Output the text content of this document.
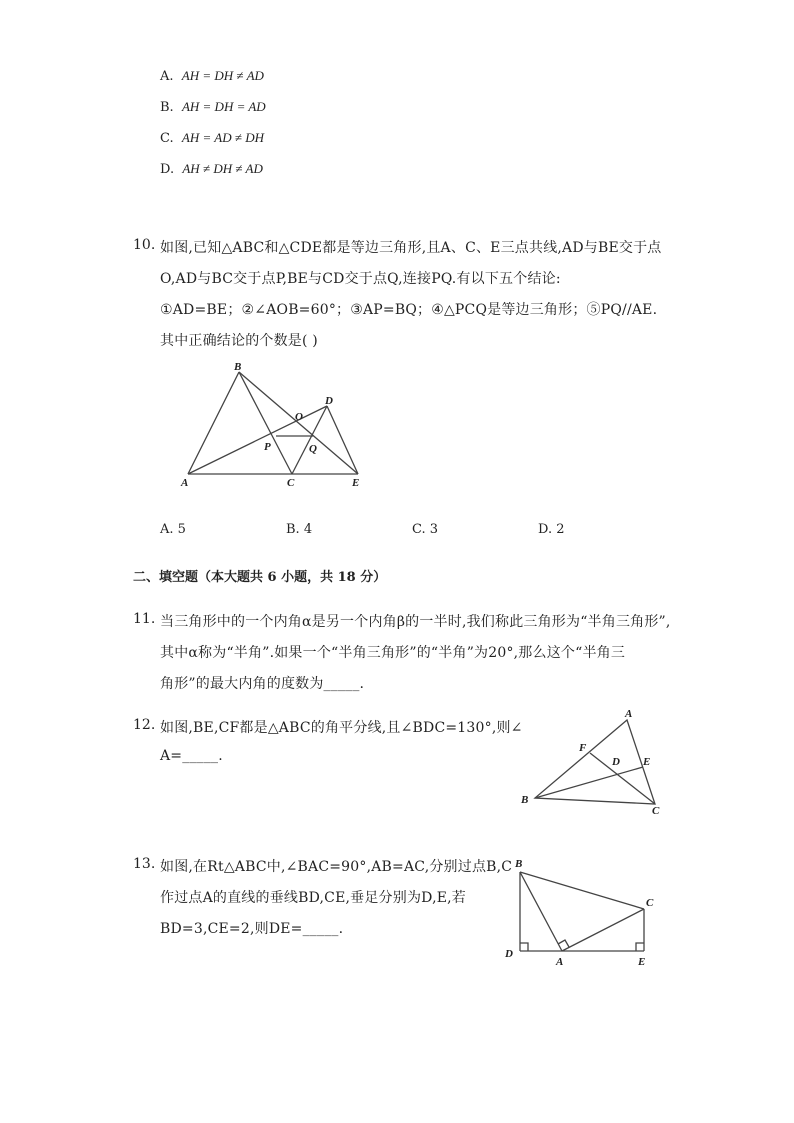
A. AH = DH ≠ AD
B. AH = DH = AD
C. AH = AD ≠ DH
D. AH ≠ DH ≠ AD
10. 如图,已知△ABC和△CDE都是等边三角形,且A、C、E三点共线,AD与BE交于点
O,AD与BC交于点P,BE与CD交于点Q,连接PQ.有以下五个结论:
①AD=BE；②∠AOB=60°；③AP=BQ；④△PCQ是等边三角形；⑤PQ//AE.
其中正确结论的个数是( )
B
O
D
P	Q
A	C	E
A. 5	B. 4	C. 3	D. 2
二、填空题（本大题共 6 小题，共 18 分）
11. 当三角形中的一个内角α是另一个内角β的一半时,我们称此三角形为“半角三角形”,
其中α称为“半角”.如果一个“半角三角形”的“半角”为20°,那么这个“半角三
角形”的最大内角的度数为_____.
12. 如图,BE,CF都是△ABC的角平分线,且∠BDC=130°,则∠
A=_____.
A
F
D E
B
C
13. 如图,在Rt△ABC中,∠BAC=90°,AB=AC,分别过点B,C
作过点A的直线的垂线BD,CE,垂足分别为D,E,若
BD=3,CE=2,则DE=_____.
B
C
D
A	E
